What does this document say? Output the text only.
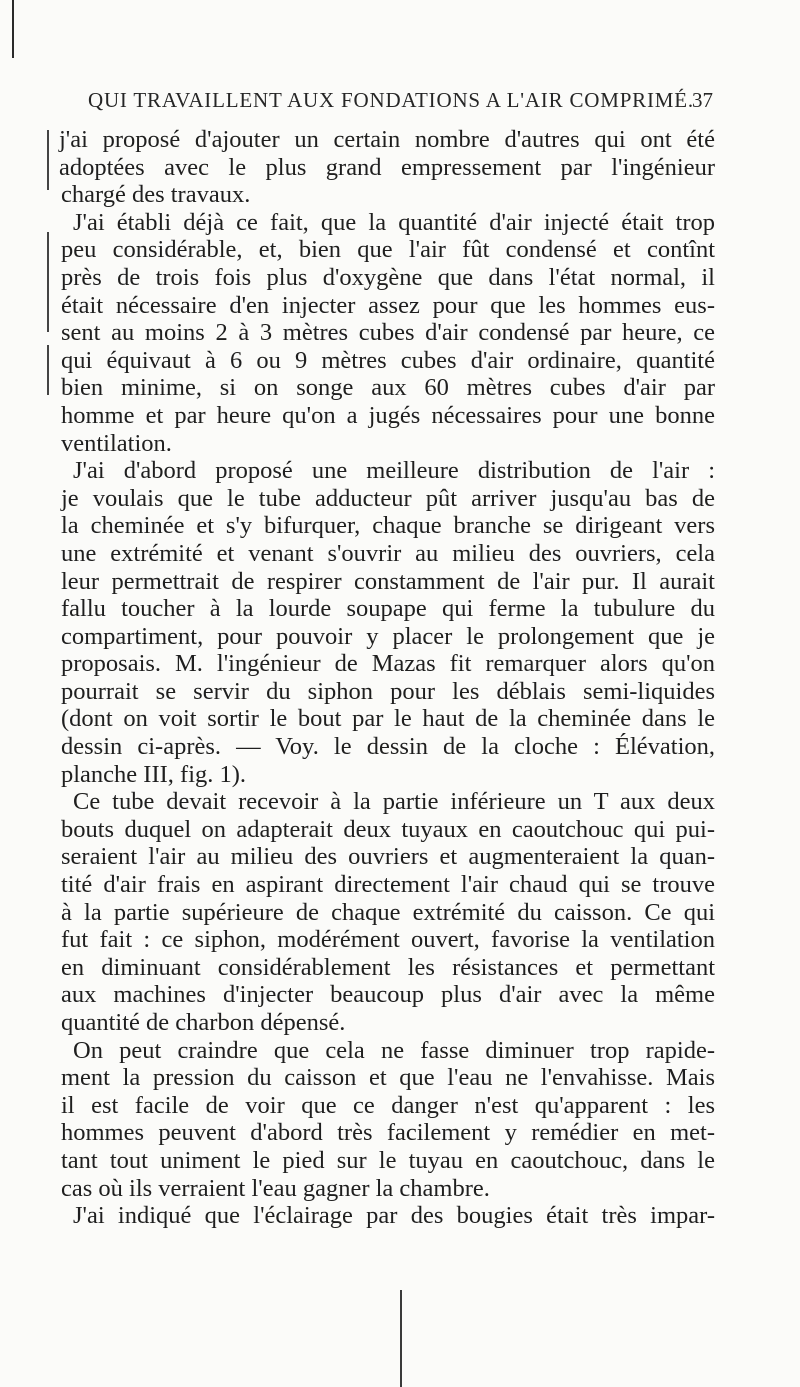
QUI TRAVAILLENT AUX FONDATIONS A L'AIR COMPRIMÉ.
37
j'ai proposé d'ajouter un certain nombre d'autres qui ont été
adoptées avec le plus grand empressement par l'ingénieur
chargé des travaux.
J'ai établi déjà ce fait, que la quantité d'air injecté était trop
peu considérable, et, bien que l'air fût condensé et contînt
près de trois fois plus d'oxygène que dans l'état normal, il
était nécessaire d'en injecter assez pour que les hommes eus-
sent au moins 2 à 3 mètres cubes d'air condensé par heure, ce
qui équivaut à 6 ou 9 mètres cubes d'air ordinaire, quantité
bien minime, si on songe aux 60 mètres cubes d'air par
homme et par heure qu'on a jugés nécessaires pour une bonne
ventilation.
J'ai d'abord proposé une meilleure distribution de l'air :
je voulais que le tube adducteur pût arriver jusqu'au bas de
la cheminée et s'y bifurquer, chaque branche se dirigeant vers
une extrémité et venant s'ouvrir au milieu des ouvriers, cela
leur permettrait de respirer constamment de l'air pur. Il aurait
fallu toucher à la lourde soupape qui ferme la tubulure du
compartiment, pour pouvoir y placer le prolongement que je
proposais. M. l'ingénieur de Mazas fit remarquer alors qu'on
pourrait se servir du siphon pour les déblais semi-liquides
(dont on voit sortir le bout par le haut de la cheminée dans le
dessin ci-après. — Voy. le dessin de la cloche : Élévation,
planche III, fig. 1).
Ce tube devait recevoir à la partie inférieure un T aux deux
bouts duquel on adapterait deux tuyaux en caoutchouc qui pui-
seraient l'air au milieu des ouvriers et augmenteraient la quan-
tité d'air frais en aspirant directement l'air chaud qui se trouve
à la partie supérieure de chaque extrémité du caisson. Ce qui
fut fait : ce siphon, modérément ouvert, favorise la ventilation
en diminuant considérablement les résistances et permettant
aux machines d'injecter beaucoup plus d'air avec la même
quantité de charbon dépensé.
On peut craindre que cela ne fasse diminuer trop rapide-
ment la pression du caisson et que l'eau ne l'envahisse. Mais
il est facile de voir que ce danger n'est qu'apparent : les
hommes peuvent d'abord très facilement y remédier en met-
tant tout uniment le pied sur le tuyau en caoutchouc, dans le
cas où ils verraient l'eau gagner la chambre.
J'ai indiqué que l'éclairage par des bougies était très impar-
